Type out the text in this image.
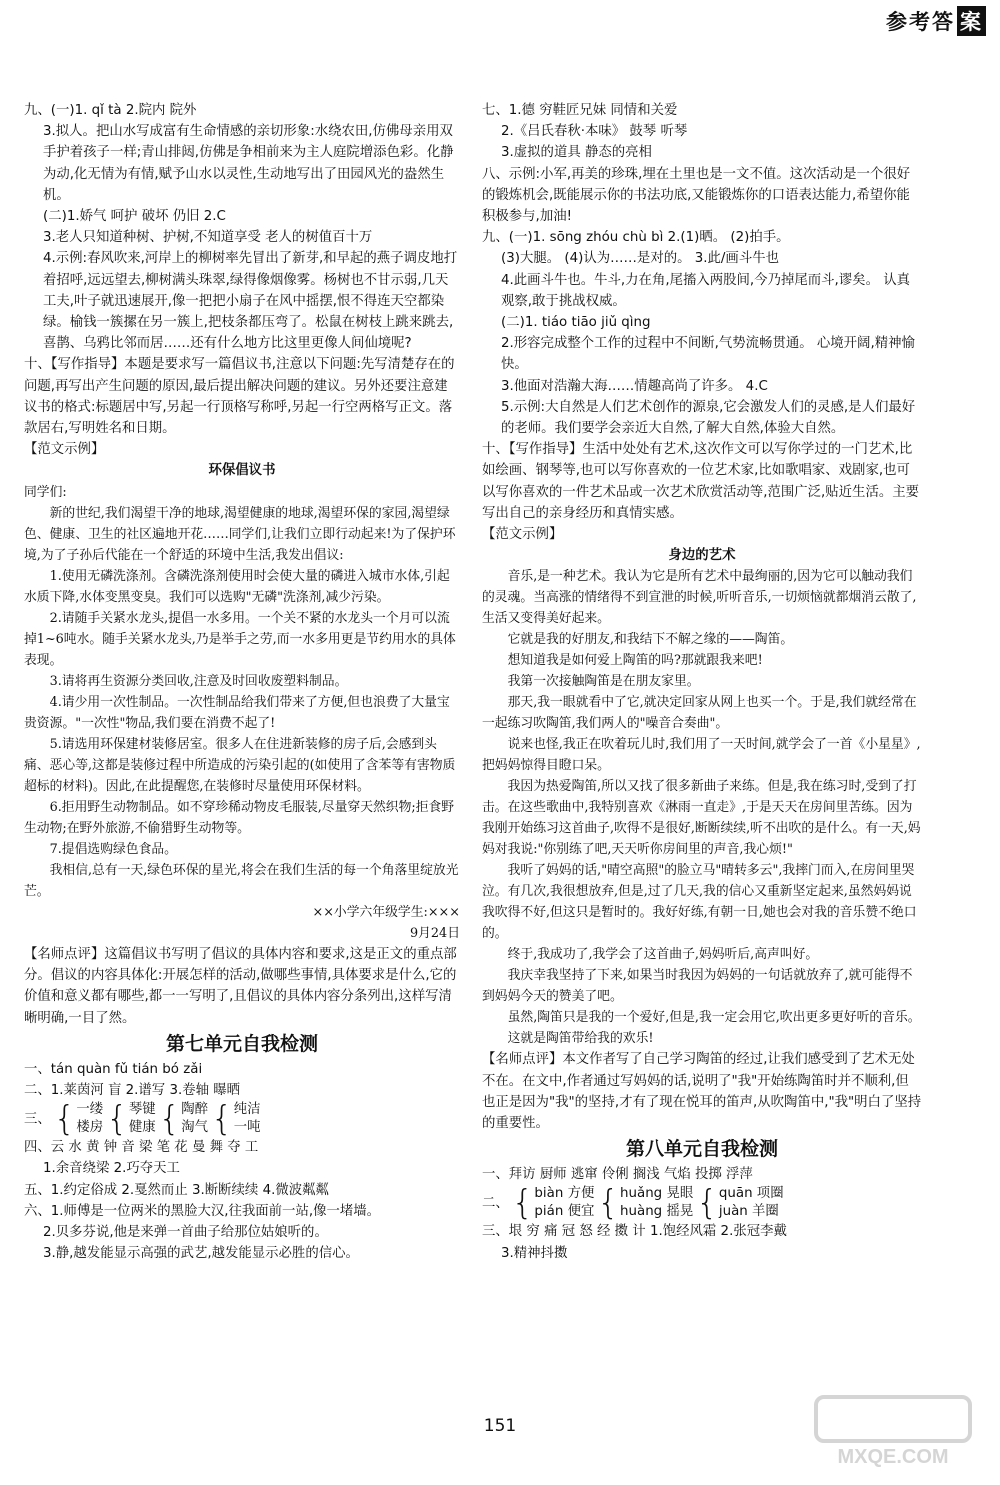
参考答 案

九、(一)1. qǐ tà 2.院内 院外

3.拟人。把山水写成富有生命情感的亲切形象:水绕农田,仿佛母亲用双手护着孩子一样;青山排闼,仿佛是争相前来为主人庭院增添色彩。化静为动,化无情为有情,赋予山水以灵性,生动地写出了田园风光的盎然生机。

(二)1.娇气 呵护 破坏 仍旧 2.C

3.老人只知道种树、护树,不知道享受 老人的树值百十万

4.示例:春风吹来,河岸上的柳树率先冒出了新芽,和早起的燕子调皮地打着招呼,远远望去,柳树满头珠翠,绿得像烟像雾。杨树也不甘示弱,几天工夫,叶子就迅速展开,像一把把小扇子在风中摇摆,恨不得连天空都染绿。榆钱一簇摞在另一簇上,把枝条都压弯了。松鼠在树枝上跳来跳去,喜鹊、乌鸦比邻而居……还有什么地方比这里更像人间仙境呢?

十、【写作指导】本题是要求写一篇倡议书,注意以下问题:先写清楚存在的问题,再写出产生问题的原因,最后提出解决问题的建议。另外还要注意建议书的格式:标题居中写,另起一行顶格写称呼,另起一行空两格写正文。落款居右,写明姓名和日期。

【范文示例】

环保倡议书

同学们:

新的世纪,我们渴望干净的地球,渴望健康的地球,渴望环保的家园,渴望绿色、健康、卫生的社区遍地开花……同学们,让我们立即行动起来!为了保护环境,为了子孙后代能在一个舒适的环境中生活,我发出倡议:

1.使用无磷洗涤剂。含磷洗涤剂使用时会使大量的磷进入城市水体,引起水质下降,水体变黑变臭。我们可以选购"无磷"洗涤剂,减少污染。

2.请随手关紧水龙头,提倡一水多用。一个关不紧的水龙头一个月可以流掉1~6吨水。随手关紧水龙头,乃是举手之劳,而一水多用更是节约用水的具体表现。

3.请将再生资源分类回收,注意及时回收废塑料制品。

4.请少用一次性制品。一次性制品给我们带来了方便,但也浪费了大量宝贵资源。"一次性"物品,我们要在消费不起了!

5.请选用环保建材装修居室。很多人在住进新装修的房子后,会感到头痛、恶心等,这都是装修过程中所造成的污染引起的(如使用了含苯等有害物质超标的材料)。因此,在此提醒您,在装修时尽量使用环保材料。

6.拒用野生动物制品。如不穿珍稀动物皮毛服装,尽量穿天然织物;拒食野生动物;在野外旅游,不偷猎野生动物等。

7.提倡选购绿色食品。

我相信,总有一天,绿色环保的星光,将会在我们生活的每一个角落里绽放光芒。

××小学六年级学生:×××

9月24日

【名师点评】这篇倡议书写明了倡议的具体内容和要求,这是正文的重点部分。倡议的内容具体化:开展怎样的活动,做哪些事情,具体要求是什么,它的价值和意义都有哪些,都一一写明了,且倡议的具体内容分条列出,这样写清晰明确,一目了然。

第七单元自我检测

一、tán quàn fǔ tián bó zǎi

二、1.莱茵河 盲 2.谱写 3.卷轴 曝晒

三、 { 一缕
楼房 { 琴键
健康 { 陶醉
淘气 { 纯洁
一吨

四、云 水 黄 钟 音 梁 笔 花 曼 舞 夺 工

1.余音绕梁 2.巧夺天工

五、1.约定俗成 2.戛然而止 3.断断续续 4.微波粼粼

六、1.师傅是一位两米的黑脸大汉,往我面前一站,像一堵墙。

2.贝多芬说,他是来弹一首曲子给那位姑娘听的。

3.静,越发能显示高强的武艺,越发能显示必胜的信心。

七、1.德 穷鞋匠兄妹 同情和关爱

2.《吕氏春秋·本味》 鼓琴 听琴

3.虚拟的道具 静态的亮相

八、示例:小军,再美的珍珠,埋在土里也是一文不值。这次活动是一个很好的锻炼机会,既能展示你的书法功底,又能锻炼你的口语表达能力,希望你能积极参与,加油!

九、(一)1. sōng zhóu chù bì 2.(1)晒。 (2)拍手。

(3)大腿。 (4)认为……是对的。 3.此/画斗牛也

4.此画斗牛也。牛斗,力在角,尾搐入两股间,今乃掉尾而斗,谬矣。 认真观察,敢于挑战权威。

(二)1. tiáo tiāo jiǔ qìng

2.形容完成整个工作的过程中不间断,气势流畅贯通。 心境开阔,精神愉快。

3.他面对浩瀚大海……情趣高尚了许多。 4.C

5.示例:大自然是人们艺术创作的源泉,它会激发人们的灵感,是人们最好的老师。我们要学会亲近大自然,了解大自然,体验大自然。

十、【写作指导】生活中处处有艺术,这次作文可以写你学过的一门艺术,比如绘画、钢琴等,也可以写你喜欢的一位艺术家,比如歌唱家、戏剧家,也可以写你喜欢的一件艺术品或一次艺术欣赏活动等,范围广泛,贴近生活。主要写出自己的亲身经历和真情实感。

【范文示例】

身边的艺术

音乐,是一种艺术。我认为它是所有艺术中最绚丽的,因为它可以触动我们的灵魂。当高涨的情绪得不到宣泄的时候,听听音乐,一切烦恼就都烟消云散了,生活又变得美好起来。

它就是我的好朋友,和我结下不解之缘的——陶笛。

想知道我是如何爱上陶笛的吗?那就跟我来吧!

我第一次接触陶笛是在朋友家里。

那天,我一眼就看中了它,就决定回家从网上也买一个。于是,我们就经常在一起练习吹陶笛,我们两人的"噪音合奏曲"。

说来也怪,我正在吹着玩儿时,我们用了一天时间,就学会了一首《小星星》,把妈妈惊得目瞪口呆。

我因为热爱陶笛,所以又找了很多新曲子来练。但是,我在练习时,受到了打击。在这些歌曲中,我特别喜欢《淋雨一直走》,于是天天在房间里苦练。因为我刚开始练习这首曲子,吹得不是很好,断断续续,听不出吹的是什么。有一天,妈妈对我说:"你别练了吧,天天听你房间里的声音,我心烦!"

我听了妈妈的话,"晴空高照"的脸立马"晴转多云",我摔门而入,在房间里哭泣。有几次,我很想放弃,但是,过了几天,我的信心又重新坚定起来,虽然妈妈说我吹得不好,但这只是暂时的。我好好练,有朝一日,她也会对我的音乐赞不绝口的。

终于,我成功了,我学会了这首曲子,妈妈听后,高声叫好。

我庆幸我坚持了下来,如果当时我因为妈妈的一句话就放弃了,就可能得不到妈妈今天的赞美了吧。

虽然,陶笛只是我的一个爱好,但是,我一定会用它,吹出更多更好听的音乐。

这就是陶笛带给我的欢乐!

【名师点评】本文作者写了自己学习陶笛的经过,让我们感受到了艺术无处不在。在文中,作者通过写妈妈的话,说明了"我"开始练陶笛时并不顺利,但也正是因为"我"的坚持,才有了现在悦耳的笛声,从吹陶笛中,"我"明白了坚持的重要性。

第八单元自我检测

一、拜访 厨师 逃窜 伶俐 搁浅 气焰 投掷 浮萍

二、 { biàn 方便
pián 便宜 { huǎng 晃眼
huàng 摇晃 { quān 项圈
juàn 羊圈

三、垠 穷 痛 冠 怒 经 擞 计 1.饱经风霜 2.张冠李戴

3.精神抖擞

151
MXQE.COM
